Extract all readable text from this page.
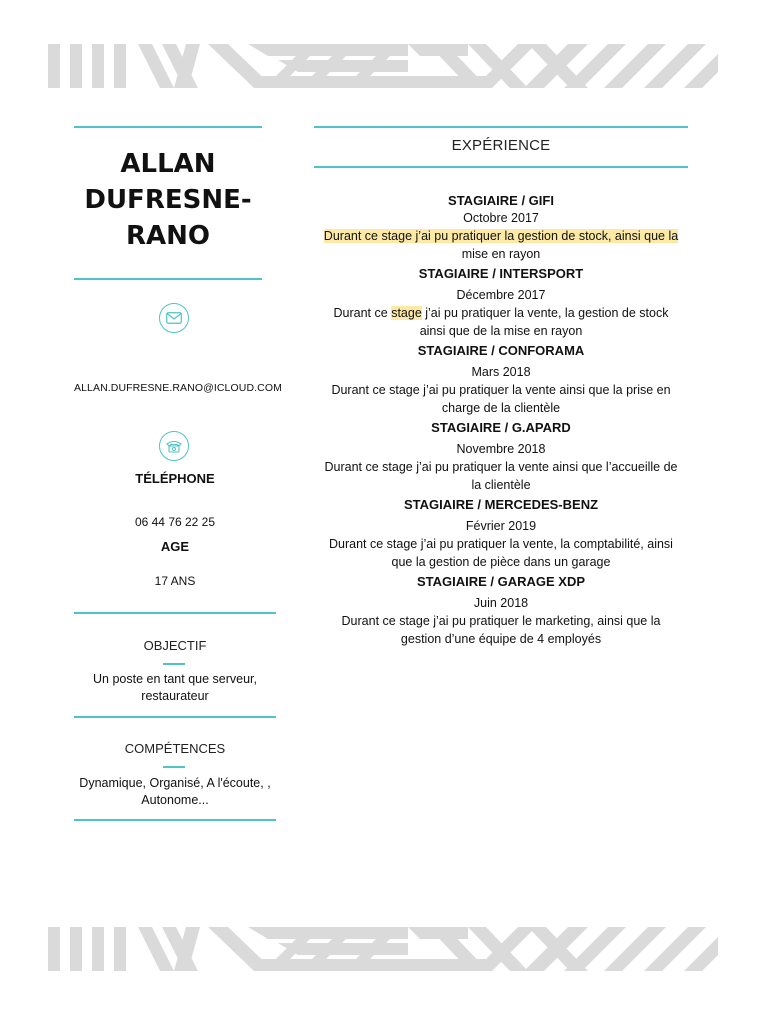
ALLAN
DUFRESNE-
RANO
ALLAN.DUFRESNE.RANO@ICLOUD.COM
TÉLÉPHONE
06 44 76 22 25
AGE
17 ANS
OBJECTIF
Un poste en tant que serveur,
restaurateur
COMPÉTENCES
Dynamique, Organisé, A l'écoute, ,
Autonome...
EXPÉRIENCE
STAGIAIRE / GIFI
Octobre 2017
Durant ce stage j’ai pu pratiquer la gestion de stock, ainsi que la
mise en rayon
STAGIAIRE / INTERSPORT
Décembre 2017
Durant ce stage j’ai pu pratiquer la vente, la gestion de stock
ainsi que de la mise en rayon
STAGIAIRE / CONFORAMA
Mars 2018
Durant ce stage j’ai pu pratiquer la vente ainsi que la prise en
charge de la clientèle
STAGIAIRE / G.APARD
Novembre 2018
Durant ce stage j’ai pu pratiquer la vente ainsi que l’accueille de
la clientèle
STAGIAIRE / MERCEDES-BENZ
Février 2019
Durant ce stage j’ai pu pratiquer la vente, la comptabilité, ainsi
que la gestion de pièce dans un garage
STAGIAIRE / GARAGE XDP
Juin 2018
Durant ce stage j’ai pu pratiquer le marketing, ainsi que la
gestion d’une équipe de 4 employés
